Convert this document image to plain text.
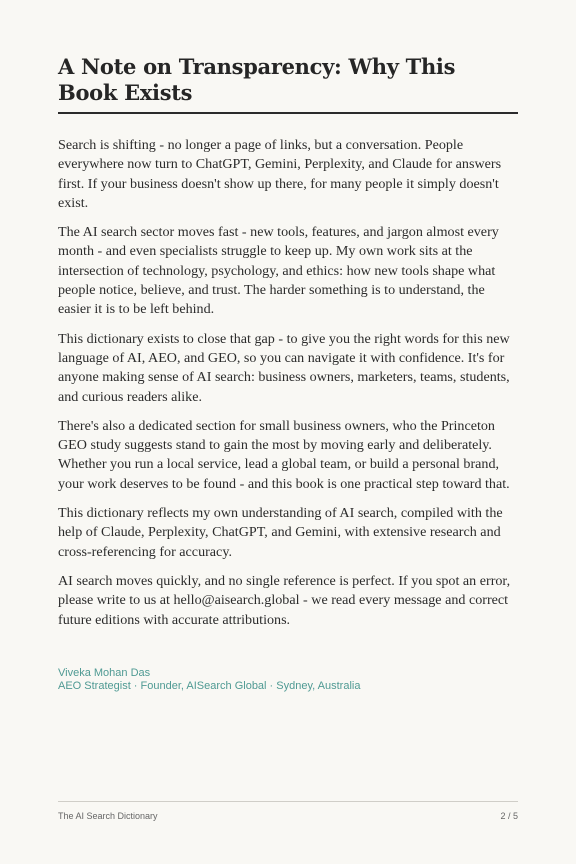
A Note on Transparency: Why This Book Exists

Search is shifting - no longer a page of links, but a conversation. People everywhere now turn to ChatGPT, Gemini, Perplexity, and Claude for answers first. If your business doesn't show up there, for many people it simply doesn't exist.

The AI search sector moves fast - new tools, features, and jargon almost every month - and even specialists struggle to keep up. My own work sits at the intersection of technology, psychology, and ethics: how new tools shape what people notice, believe, and trust. The harder something is to understand, the easier it is to be left behind.

This dictionary exists to close that gap - to give you the right words for this new language of AI, AEO, and GEO, so you can navigate it with confidence. It's for anyone making sense of AI search: business owners, marketers, teams, students, and curious readers alike.

There's also a dedicated section for small business owners, who the Princeton GEO study suggests stand to gain the most by moving early and deliberately. Whether you run a local service, lead a global team, or build a personal brand, your work deserves to be found - and this book is one practical step toward that.

This dictionary reflects my own understanding of AI search, compiled with the help of Claude, Perplexity, ChatGPT, and Gemini, with extensive research and cross-referencing for accuracy.

AI search moves quickly, and no single reference is perfect. If you spot an error, please write to us at hello@aisearch.global - we read every message and correct future editions with accurate attributions.

Viveka Mohan Das
AEO Strategist · Founder, AISearch Global · Sydney, Australia
The AI Search Dictionary	2 / 5
